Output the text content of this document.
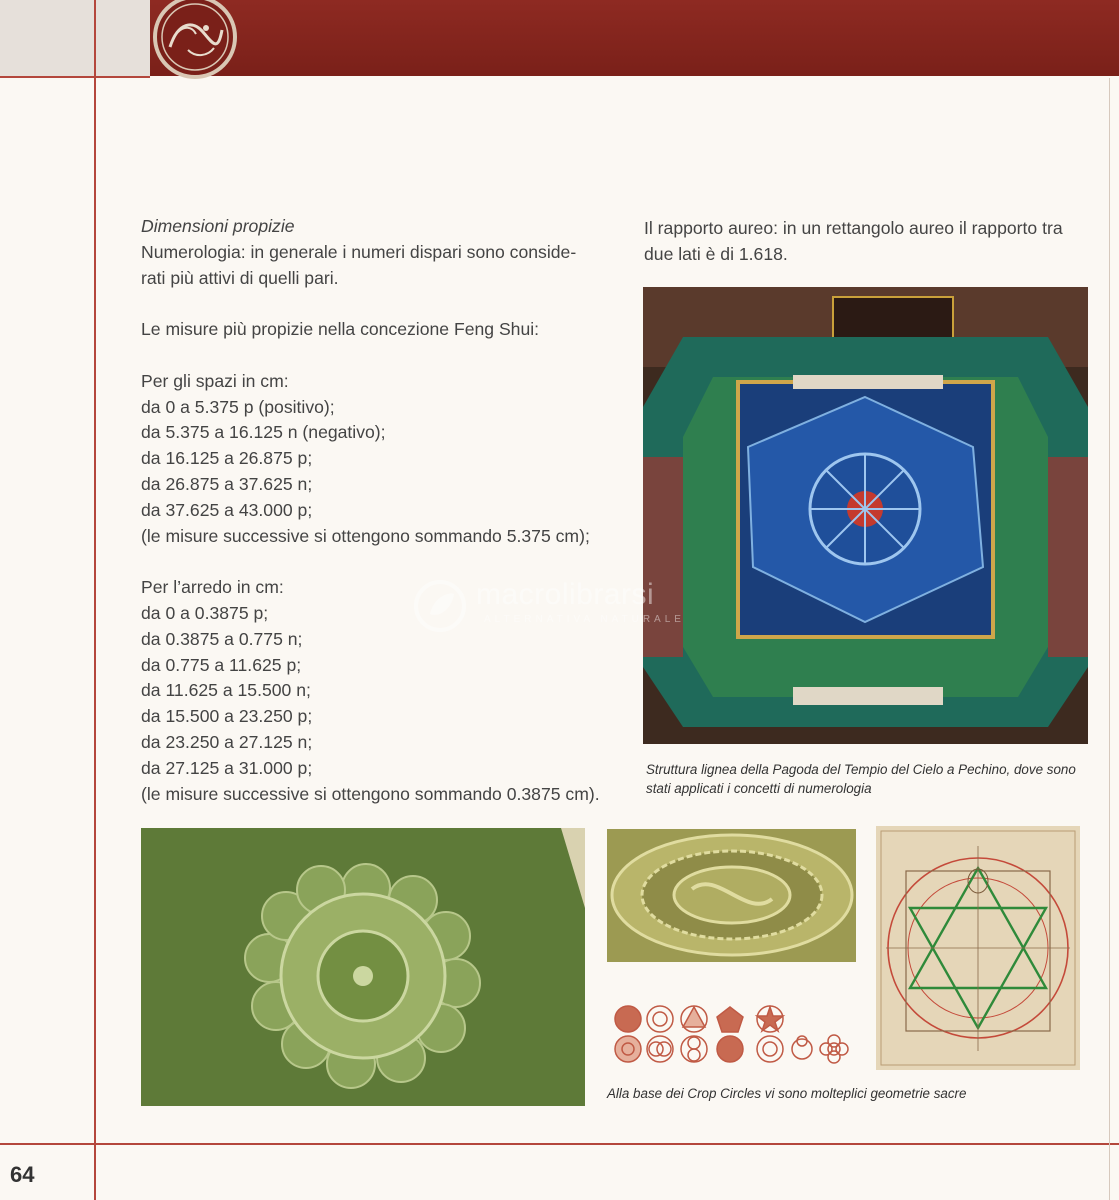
Dimensioni propizie

Numerologia: in generale i numeri dispari sono conside-

rati più attivi di quelli pari.

Le misure più propizie nella concezione Feng Shui:

Per gli spazi in cm:

da 0 a 5.375 p (positivo);

da 5.375 a 16.125 n (negativo);

da 16.125 a 26.875 p;

da 26.875 a 37.625 n;

da 37.625 a 43.000 p;

(le misure successive si ottengono sommando 5.375 cm);

Per l’arredo in cm:

da 0 a 0.3875 p;

da 0.3875 a 0.775 n;

da 0.775 a 11.625 p;

da 11.625 a 15.500 n;

da 15.500 a 23.250 p;

da 23.250 a 27.125 n;

da 27.125 a 31.000 p;

(le misure successive si ottengono sommando 0.3875 cm).

Il rapporto aureo: in un rettangolo aureo il rapporto tra

due lati è di 1.618.

Struttura lignea della Pagoda del Tempio del Cielo a Pechino, dove sono
stati applicati i concetti di numerologia
Alla base dei Crop Circles vi sono molteplici geometrie sacre
macrolibrarsi
ALTERNATIVA NATURALE
64
